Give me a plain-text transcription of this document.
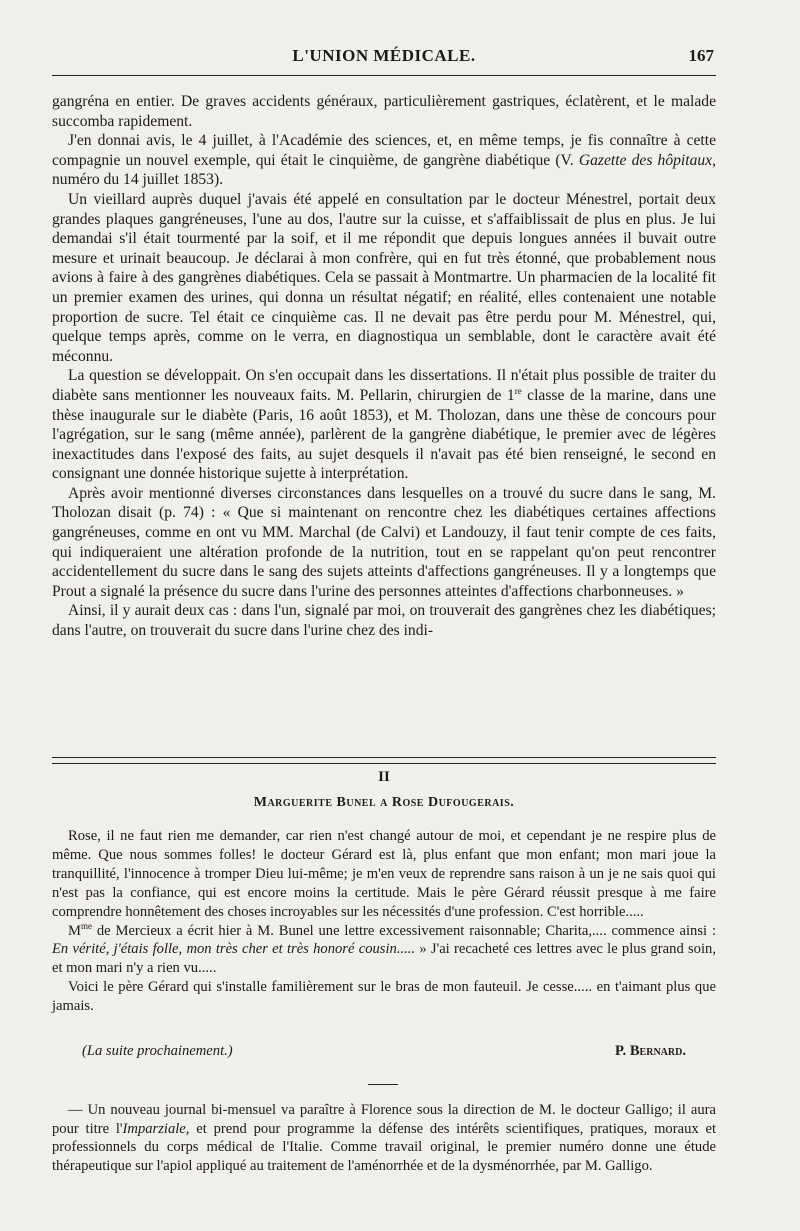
L'UNION MÉDICALE.	167

gangréna en entier. De graves accidents généraux, particulièrement gastriques, éclatèrent, et le malade succomba rapidement.

J'en donnai avis, le 4 juillet, à l'Académie des sciences, et, en même temps, je fis connaître à cette compagnie un nouvel exemple, qui était le cinquième, de gangrène diabétique (V. Gazette des hôpitaux, numéro du 14 juillet 1853).

Un vieillard auprès duquel j'avais été appelé en consultation par le docteur Ménestrel, portait deux grandes plaques gangréneuses, l'une au dos, l'autre sur la cuisse, et s'affaiblissait de plus en plus. Je lui demandai s'il était tourmenté par la soif, et il me répondit que depuis longues années il buvait outre mesure et urinait beaucoup. Je déclarai à mon confrère, qui en fut très étonné, que probablement nous avions à faire à des gangrènes diabétiques. Cela se passait à Montmartre. Un pharmacien de la localité fit un premier examen des urines, qui donna un résultat négatif; en réalité, elles contenaient une notable proportion de sucre. Tel était ce cinquième cas. Il ne devait pas être perdu pour M. Ménestrel, qui, quelque temps après, comme on le verra, en diagnostiqua un semblable, dont le caractère avait été méconnu.

La question se développait. On s'en occupait dans les dissertations. Il n'était plus possible de traiter du diabète sans mentionner les nouveaux faits. M. Pellarin, chirurgien de 1re classe de la marine, dans une thèse inaugurale sur le diabète (Paris, 16 août 1853), et M. Tholozan, dans une thèse de concours pour l'agrégation, sur le sang (même année), parlèrent de la gangrène diabétique, le premier avec de légères inexactitudes dans l'exposé des faits, au sujet desquels il n'avait pas été bien renseigné, le second en consignant une donnée historique sujette à interprétation.

Après avoir mentionné diverses circonstances dans lesquelles on a trouvé du sucre dans le sang, M. Tholozan disait (p. 74) : « Que si maintenant on rencontre chez les diabétiques certaines affections gangréneuses, comme en ont vu MM. Marchal (de Calvi) et Landouzy, il faut tenir compte de ces faits, qui indiqueraient une altération profonde de la nutrition, tout en se rappelant qu'on peut rencontrer accidentellement du sucre dans le sang des sujets atteints d'affections gangréneuses. Il y a longtemps que Prout a signalé la présence du sucre dans l'urine des personnes atteintes d'affections charbonneuses. »

Ainsi, il y aurait deux cas : dans l'un, signalé par moi, on trouverait des gangrènes chez les diabétiques; dans l'autre, on trouverait du sucre dans l'urine chez des indi-

II
Marguerite Bunel a Rose Dufougerais.

Rose, il ne faut rien me demander, car rien n'est changé autour de moi, et cependant je ne respire plus de même. Que nous sommes folles! le docteur Gérard est là, plus enfant que mon enfant; mon mari joue la tranquillité, l'innocence à tromper Dieu lui-même; je m'en veux de reprendre sans raison à un je ne sais quoi qui n'est pas la confiance, qui est encore moins la certitude. Mais le père Gérard réussit presque à me faire comprendre honnêtement des choses incroyables sur les nécessités d'une profession. C'est horrible.....

$M^{me}$ de Mercieux a écrit hier à M. Bunel une lettre excessivement raisonnable; Charita,.... commence ainsi : En vérité, j'étais folle, mon très cher et très honoré cousin..... » J'ai recacheté ces lettres avec le plus grand soin, et mon mari n'y a rien vu.....

Voici le père Gérard qui s'installe familièrement sur le bras de mon fauteuil. Je cesse..... en t'aimant plus que jamais.

(La suite prochainement.)	P. Bernard.

— Un nouveau journal bi-mensuel va paraître à Florence sous la direction de M. le docteur Galligo; il aura pour titre l'Imparziale, et prend pour programme la défense des intérêts scientifiques, pratiques, moraux et professionnels du corps médical de l'Italie. Comme travail original, le premier numéro donne une étude thérapeutique sur l'apiol appliqué au traitement de l'aménorrhée et de la dysménorrhée, par M. Galligo.
